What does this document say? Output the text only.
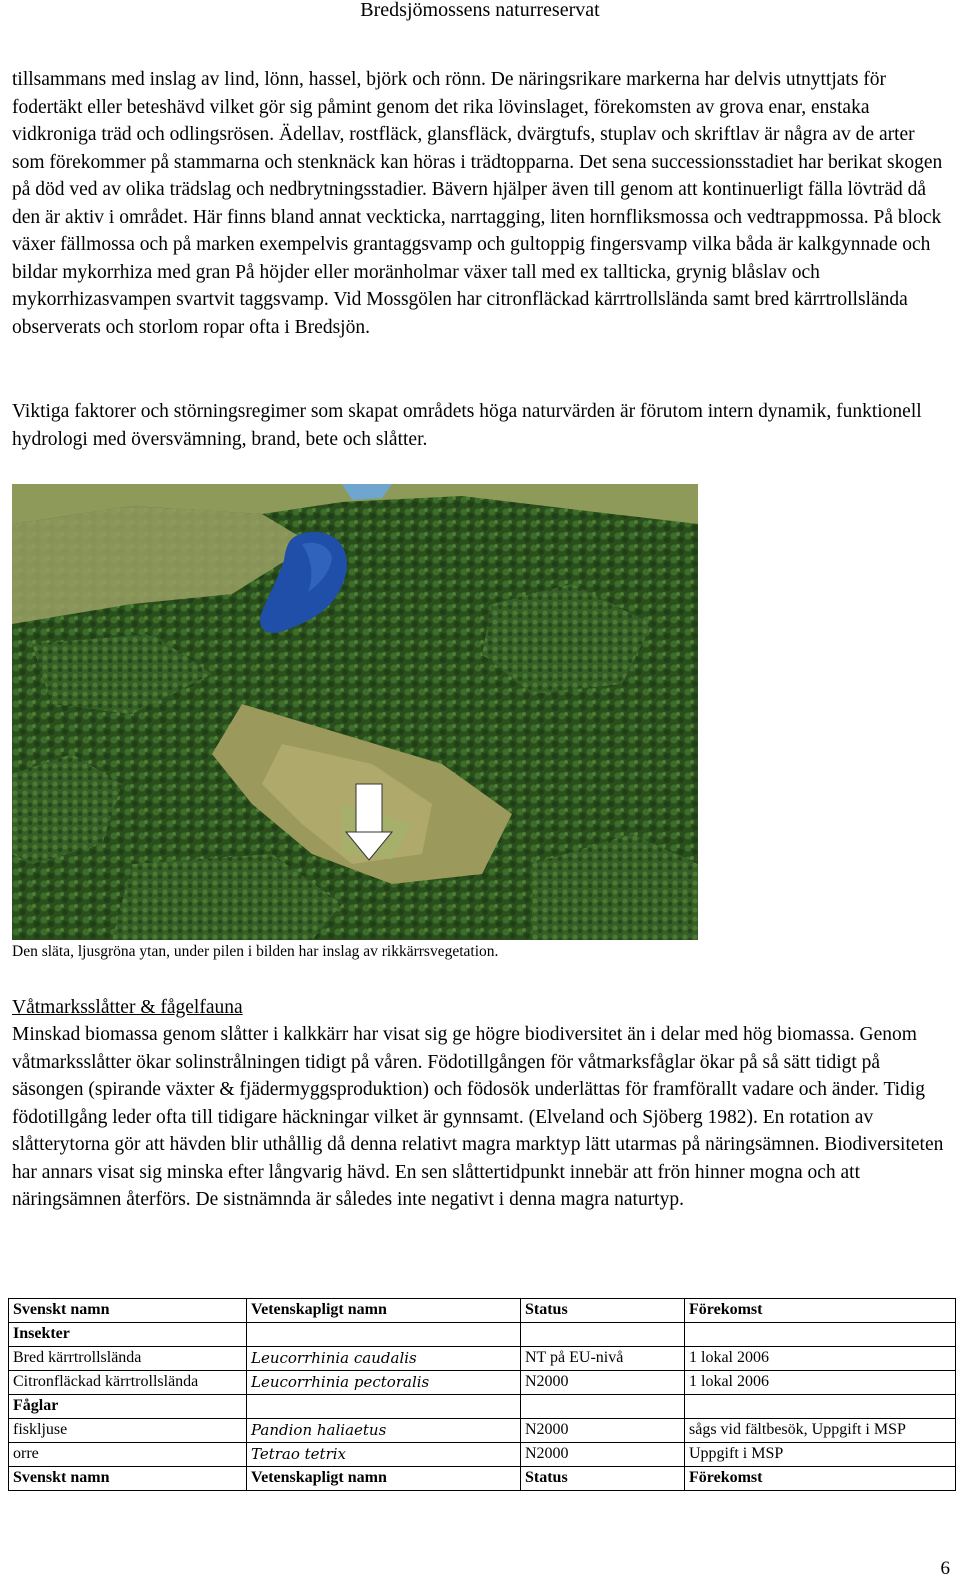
Bredsjömossens naturreservat

tillsammans med inslag av lind, lönn, hassel, björk och rönn. De näringsrikare markerna har delvis utnyttjats för fodertäkt eller beteshävd vilket gör sig påmint genom det rika lövinslaget, förekomsten av grova enar, enstaka vidkroniga träd och odlingsrösen. Ädellav, rostfläck, glansfläck, dvärgtufs, stuplav och skriftlav är några av de arter som förekommer på stammarna och stenknäck kan höras i trädtopparna. Det sena successionsstadiet har berikat skogen på död ved av olika trädslag och nedbrytningsstadier. Bävern hjälper även till genom att kontinuerligt fälla lövträd då den är aktiv i området. Här finns bland annat veckticka, narrtagging, liten hornfliksmossa och vedtrappmossa. På block växer fällmossa och på marken exempelvis grantaggsvamp och gultoppig fingersvamp vilka båda är kalkgynnade och bildar mykorrhiza med gran På höjder eller moränholmar växer tall med ex tallticka, grynig blåslav och mykorrhizasvampen svartvit taggsvamp. Vid Mossgölen har citronfläckad kärrtrollslända samt bred kärrtrollslända observerats och storlom ropar ofta i Bredsjön.

Viktiga faktorer och störningsregimer som skapat områdets höga naturvärden är förutom intern dynamik, funktionell hydrologi med översvämning, brand, bete och slåtter.

Den släta, ljusgröna ytan, under pilen i bilden har inslag av rikkärrsvegetation.
Våtmarksslåtter & fågelfauna

Minskad biomassa genom slåtter i kalkkärr har visat sig ge högre biodiversitet än i delar med hög biomassa. Genom våtmarksslåtter ökar solinstrålningen tidigt på våren. Födotillgången för våtmarksfåglar ökar på så sätt tidigt på säsongen (spirande växter & fjädermyggsproduktion) och födosök underlättas för framförallt vadare och änder. Tidig födotillgång leder ofta till tidigare häckningar vilket är gynnsamt. (Elveland och Sjöberg 1982). En rotation av slåtterytorna gör att hävden blir uthållig då denna relativt magra marktyp lätt utarmas på näringsämnen. Biodiversiteten har annars visat sig minska efter långvarig hävd. En sen slåttertidpunkt innebär att frön hinner mogna och att näringsämnen återförs. De sistnämnda är således inte negativt i denna magra naturtyp.

Svenskt namn	Vetenskapligt namn	Status	Förekomst
Insekter			
Bred kärrtrollslända	Leucorrhinia caudalis	NT på EU-nivå	1 lokal 2006
Citronfläckad kärrtrollslända	Leucorrhinia pectoralis	N2000	1 lokal 2006
Fåglar			
fiskljuse	Pandion haliaetus	N2000	sågs vid fältbesök, Uppgift i MSP
orre	Tetrao tetrix	N2000	Uppgift i MSP
Svenskt namn	Vetenskapligt namn	Status	Förekomst
6
